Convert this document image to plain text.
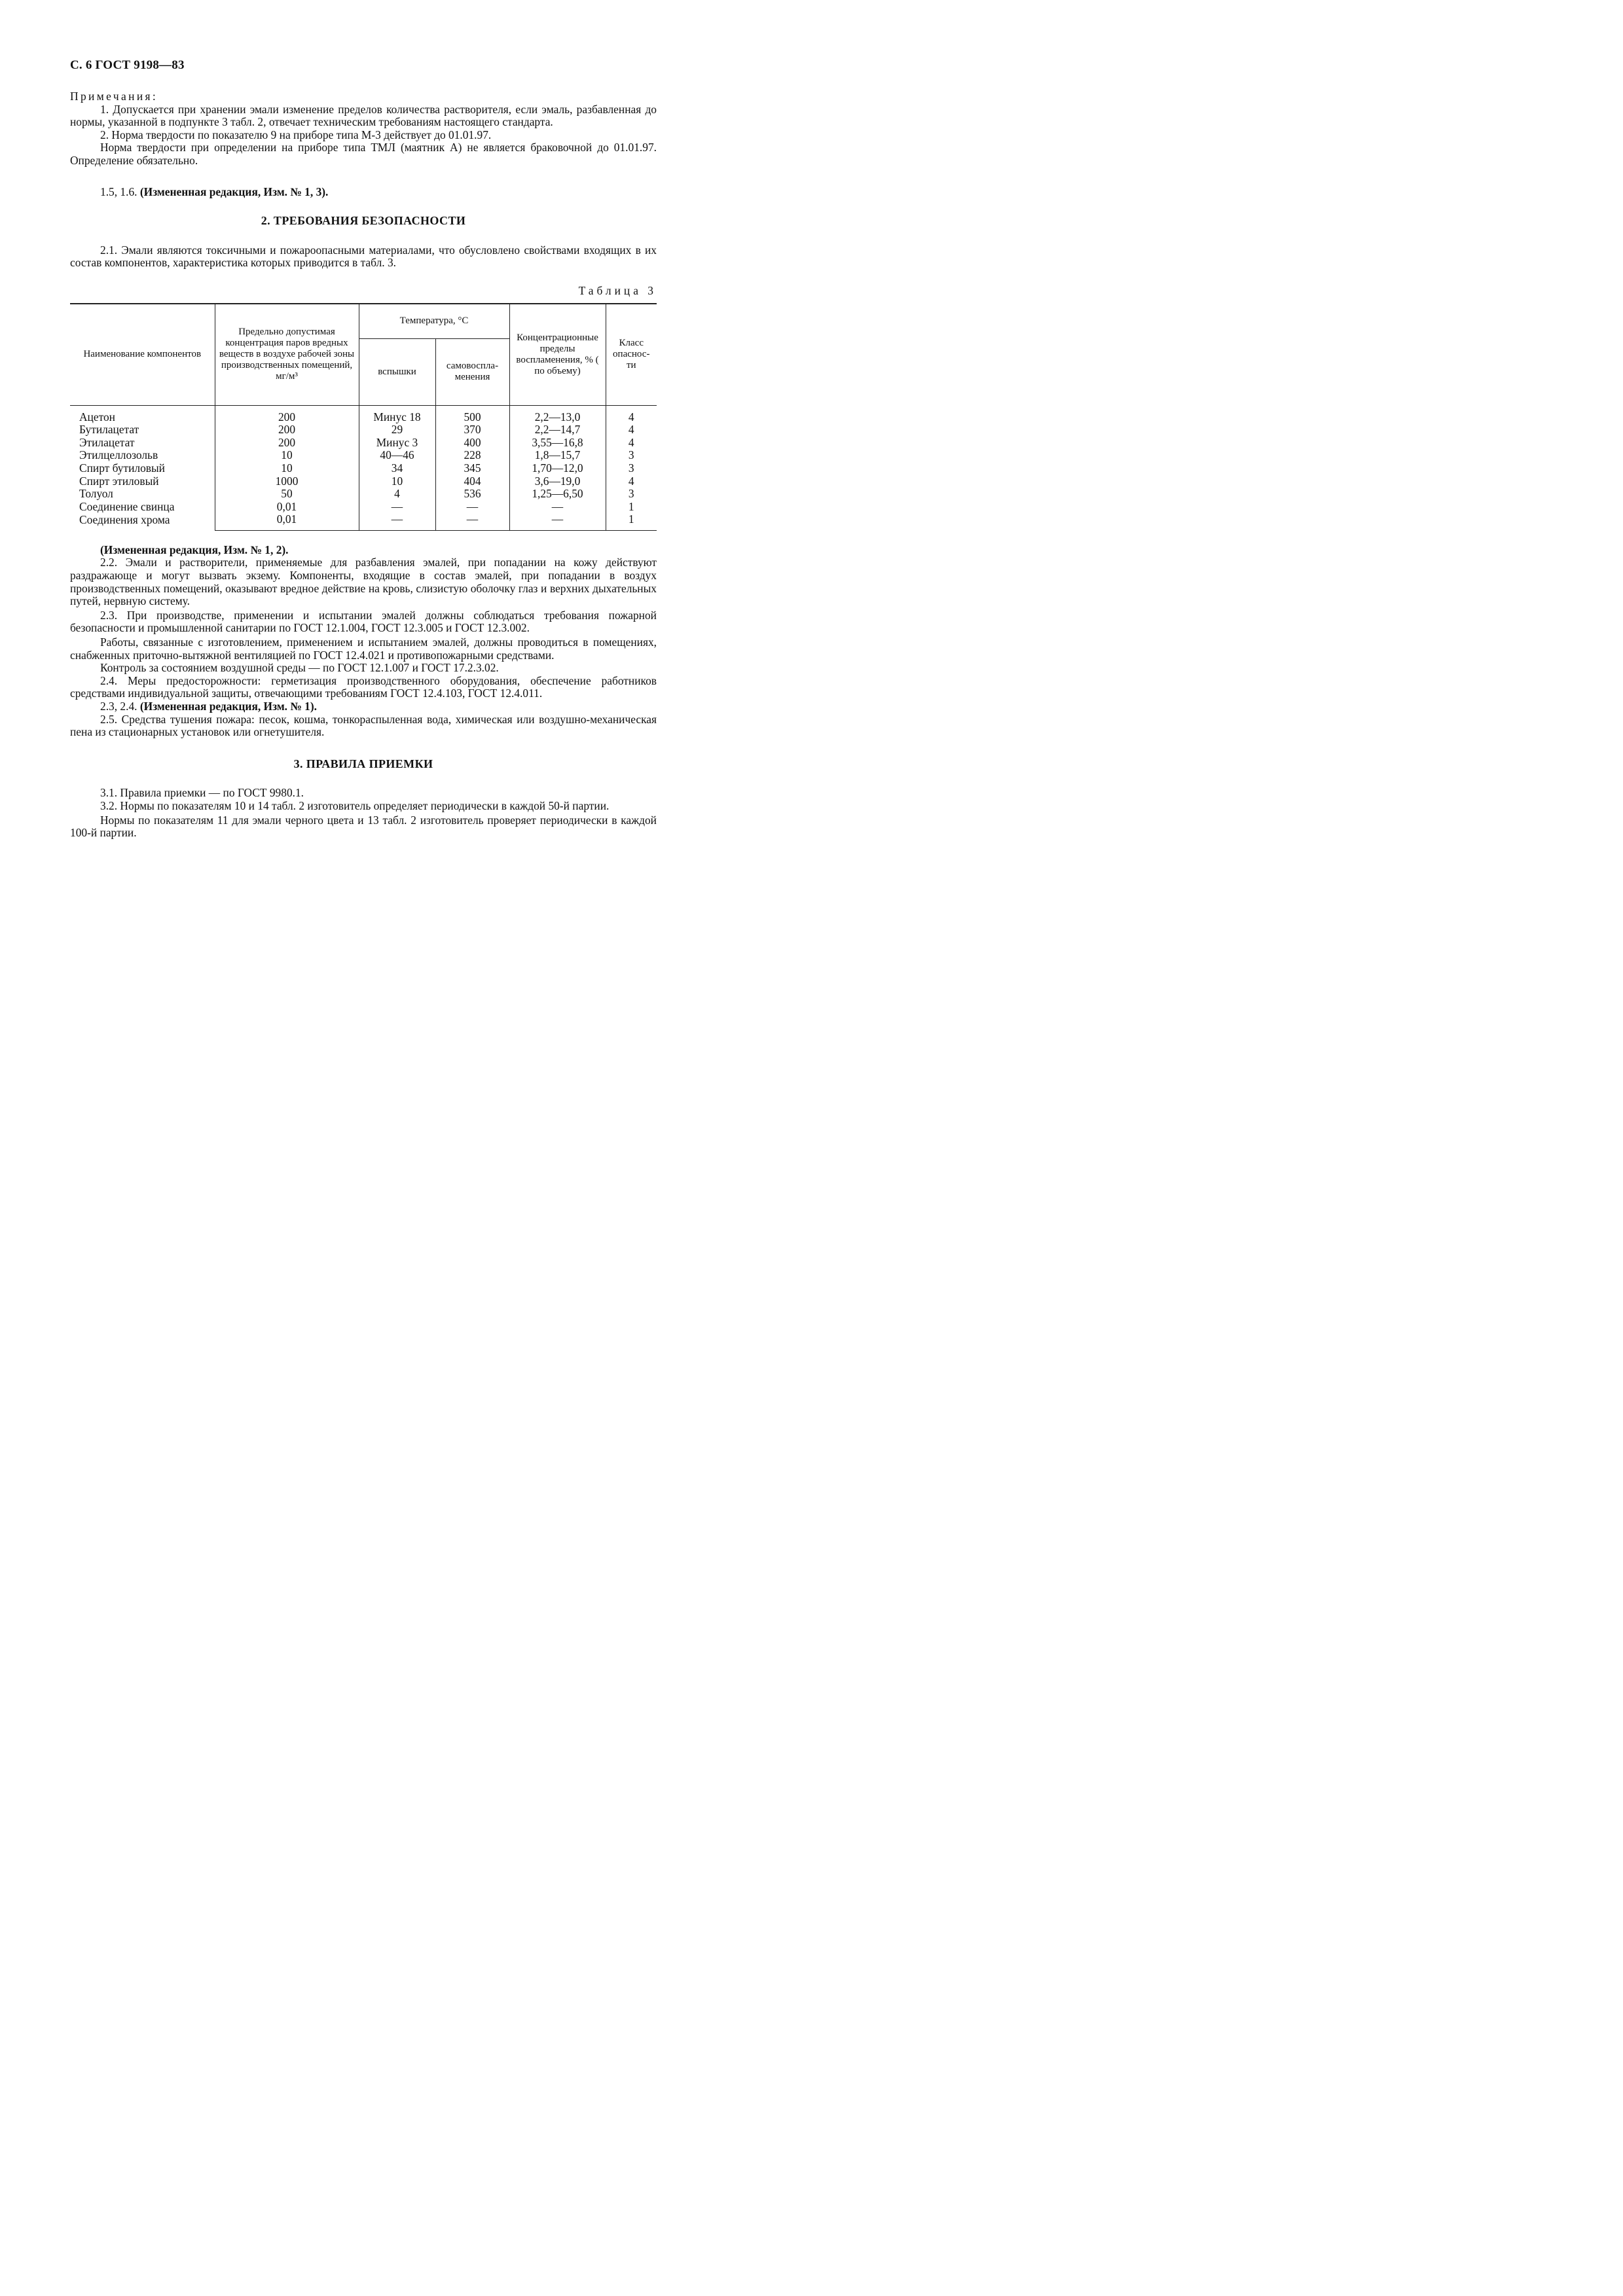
С. 6 ГОСТ 9198—83

Примечания:

1. Допускается при хранении эмали изменение пределов количества растворителя, если эмаль, разбавленная до нормы, указанной в подпункте 3 табл. 2, отвечает техническим требованиям настоящего стандарта.

2. Норма твердости по показателю 9 на приборе типа М-3 действует до 01.01.97.

Норма твердости при определении на приборе типа ТМЛ (маятник А) не является браковочной до 01.01.97. Определение обязательно.

1.5, 1.6. (Измененная редакция, Изм. № 1, 3).

2. ТРЕБОВАНИЯ БЕЗОПАСНОСТИ

2.1. Эмали являются токсичными и пожароопасными материалами, что обусловлено свойствами входящих в их состав компонентов, характеристика которых приводится в табл. 3.

Таблица 3
Наименование компонентов	Предельно допустимая концентрация паров вредных веществ в воздухе рабочей зоны производственных помещений, мг/м³	Температура, °С		Концентрационные пределы воспламенения, % ( по объему)	Класс опаснос-ти
		вспышки	самовоспла-менения		
Ацетон	200	Минус 18	500	2,2—13,0	4
Бутилацетат	200	29	370	2,2—14,7	4
Этилацетат	200	Минус 3	400	3,55—16,8	4
Этилцеллозольв	10	40—46	228	1,8—15,7	3
Спирт бутиловый	10	34	345	1,70—12,0	3
Спирт этиловый	1000	10	404	3,6—19,0	4
Толуол	50	4	536	1,25—6,50	3
Соединение свинца	0,01	—	—	—	1
Соединения хрома	0,01	—	—	—	1

(Измененная редакция, Изм. № 1, 2).

2.2. Эмали и растворители, применяемые для разбавления эмалей, при попадании на кожу действуют раздражающе и могут вызвать экзему. Компоненты, входящие в состав эмалей, при попадании в воздух производственных помещений, оказывают вредное действие на кровь, слизистую оболочку глаз и верхних дыхательных путей, нервную систему.

2.3. При производстве, применении и испытании эмалей должны соблюдаться требования пожарной безопасности и промышленной санитарии по ГОСТ 12.1.004, ГОСТ 12.3.005 и ГОСТ 12.3.002.

Работы, связанные с изготовлением, применением и испытанием эмалей, должны проводиться в помещениях, снабженных приточно-вытяжной вентиляцией по ГОСТ 12.4.021 и противопожарными средствами.

Контроль за состоянием воздушной среды — по ГОСТ 12.1.007 и ГОСТ 17.2.3.02.

2.4. Меры предосторожности: герметизация производственного оборудования, обеспечение работников средствами индивидуальной защиты, отвечающими требованиям ГОСТ 12.4.103, ГОСТ 12.4.011.

2.3, 2.4. (Измененная редакция, Изм. № 1).

2.5. Средства тушения пожара: песок, кошма, тонкораспыленная вода, химическая или воздушно-механическая пена из стационарных установок или огнетушителя.

3. ПРАВИЛА ПРИЕМКИ

3.1. Правила приемки — по ГОСТ 9980.1.

3.2. Нормы по показателям 10 и 14 табл. 2 изготовитель определяет периодически в каждой 50-й партии.

Нормы по показателям 11 для эмали черного цвета и 13 табл. 2 изготовитель проверяет периодически в каждой 100-й партии.
